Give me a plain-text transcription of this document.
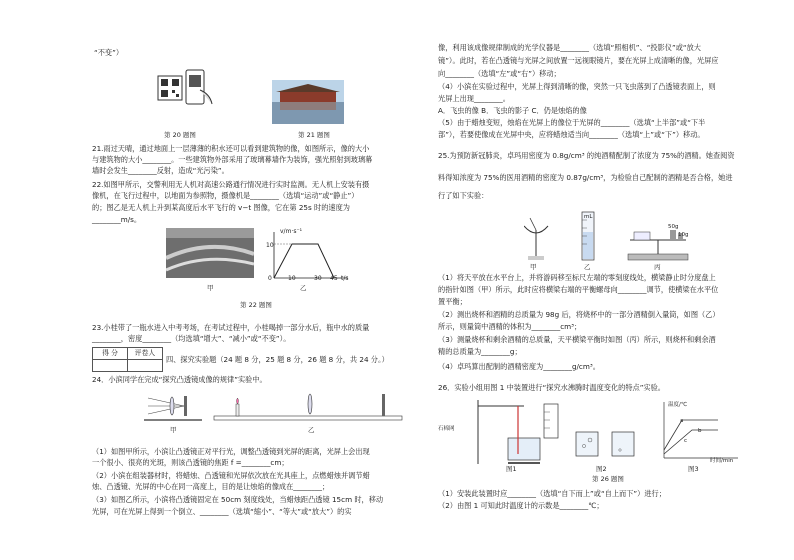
“不变”）
第 20 题图	第 21 题图
21.雨过天晴，通过地面上一层薄薄的积水还可以看到建筑物的像，如图所示，像的大小
与建筑物的大小________。一些建筑物外部采用了玻璃幕墙作为装饰，强光照射到玻璃幕
墙时会发生________反射，造成“光污染”。
22.如图甲所示，交警利用无人机对高速公路通行情况进行实时监测。无人机上安装有摄
像机，在飞行过程中，以地面为参照物，摄像机是________（选填“运动”或“静止”）
的；图乙是无人机上升到某高度后水平飞行的 v−t 图像，它在第 25s 时的速度为
________m/s。
甲
v/m·s⁻¹
10
0	10	30 45 t/s
乙
第 22 题图
23.小桂带了一瓶水进入中考考场，在考试过程中，小桂喝掉一部分水后，瓶中水的质量
________，密度________（均选填“增大”、“减小”或“不变”）。
得 分	评卷人

四、探究实验题（24 题 8 分，25 题 8 分，26 题 8 分，共 24 分。）
24．小滨同学在完成“探究凸透镜成像的规律”实验中。
甲	乙
（1）如图甲所示，小滨让凸透镜正对平行光，调整凸透镜到光屏的距离，光屏上会出现
一个很小、很亮的光斑，则该凸透镜的焦距 f =________cm；
（2）小滨在组装器材时，将蜡烛、凸透镜和光屏依次放在光具座上，点燃蜡烛并调节蜡
烛、凸透镜、光屏的中心在同一高度上，目的是让烛焰的像成在________；
（3）如图乙所示，小滨将凸透镜固定在 50cm 刻度线处，当蜡烛距凸透镜 15cm 时，移动
光屏，可在光屏上得到一个倒立、________（选填“缩小”、“等大”或“放大”）的实
像，利用该成像规律制成的光学仪器是________（选填“照相机”、“投影仪”或“放大
镜”）。此时，若在凸透镜与光屏之间放置一远视眼镜片，要在光屏上成清晰的像，光屏应
向________（选填“左”或“右”）移动；
（4）小滨在实验过程中，光屏上得到清晰的像，突然一只飞虫落到了凸透镜表面上，则
光屏上出现________。
A．飞虫的像 B．飞虫的影子 C．仍是烛焰的像
（5）由于蜡烛变短，烛焰在光屏上的像位于光屏的________（选填“上半部”或“下半
部”），若要使像成在光屏中央，应将蜡烛适当向________（选填“上”或“下”）移动。
25.为预防新冠肺炎，卓玛用密度为 0.8g/cm³ 的纯酒精配制了浓度为 75%的酒精。她查阅资
料得知浓度为 75%的医用酒精的密度为 0.87g/cm³，为检验自己配制的酒精是否合格，她进
行了如下实验：
mL
50g
10g
甲	乙	丙
（1）将天平放在水平台上，并将游码移至标尺左端的零刻度线处，横梁静止时分度盘上
的指针如图（甲）所示，此时应将横梁右端的平衡螺母向________调节，使横梁在水平位
置平衡；
（2）测出烧杯和酒精的总质量为 98g 后，将烧杯中的一部分酒精倒入量筒，如图（乙）
所示，则量筒中酒精的体积为________cm³；
（3）测量烧杯和剩余酒精的总质量，天平横梁平衡时如图（丙）所示，则烧杯和剩余酒
精的总质量为________g；
（4）卓玛算出配制的酒精密度为________g/cm³。
26．实验小组用图 1 中装置进行“探究水沸腾时温度变化的特点”实验。
石棉网
温度/℃
时间/min
a
b
c
图1	图2	图3
第 26 题图
（1）安装此装置时应________（选填“自下而上”或“自上而下”）进行；
（2）由图 1 可知此时温度计的示数是________℃；
